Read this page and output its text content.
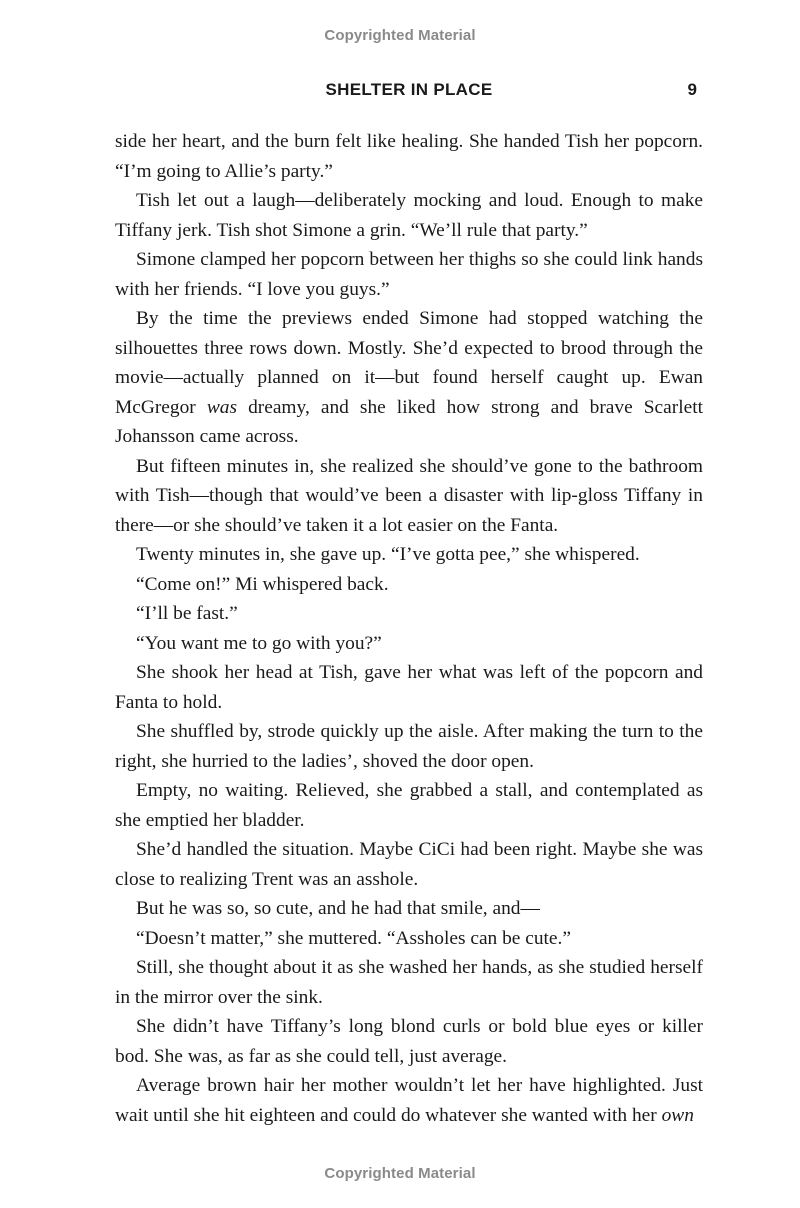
Copyrighted Material
SHELTER IN PLACE	9

side her heart, and the burn felt like healing. She handed Tish her popcorn. “I’m going to Allie’s party.”

Tish let out a laugh—deliberately mocking and loud. Enough to make Tiffany jerk. Tish shot Simone a grin. “We’ll rule that party.”

Simone clamped her popcorn between her thighs so she could link hands with her friends. “I love you guys.”

By the time the previews ended Simone had stopped watching the silhouettes three rows down. Mostly. She’d expected to brood through the movie—actually planned on it—but found herself caught up. Ewan McGregor was dreamy, and she liked how strong and brave Scarlett Johansson came across.

But fifteen minutes in, she realized she should’ve gone to the bathroom with Tish—though that would’ve been a disaster with lip-gloss Tiffany in there—or she should’ve taken it a lot easier on the Fanta.

Twenty minutes in, she gave up. “I’ve gotta pee,” she whispered.

“Come on!” Mi whispered back.

“I’ll be fast.”

“You want me to go with you?”

She shook her head at Tish, gave her what was left of the popcorn and Fanta to hold.

She shuffled by, strode quickly up the aisle. After making the turn to the right, she hurried to the ladies’, shoved the door open.

Empty, no waiting. Relieved, she grabbed a stall, and contemplated as she emptied her bladder.

She’d handled the situation. Maybe CiCi had been right. Maybe she was close to realizing Trent was an asshole.

But he was so, so cute, and he had that smile, and—

“Doesn’t matter,” she muttered. “Assholes can be cute.”

Still, she thought about it as she washed her hands, as she studied herself in the mirror over the sink.

She didn’t have Tiffany’s long blond curls or bold blue eyes or killer bod. She was, as far as she could tell, just average.

Average brown hair her mother wouldn’t let her have highlighted. Just wait until she hit eighteen and could do whatever she wanted with her own

Copyrighted Material
